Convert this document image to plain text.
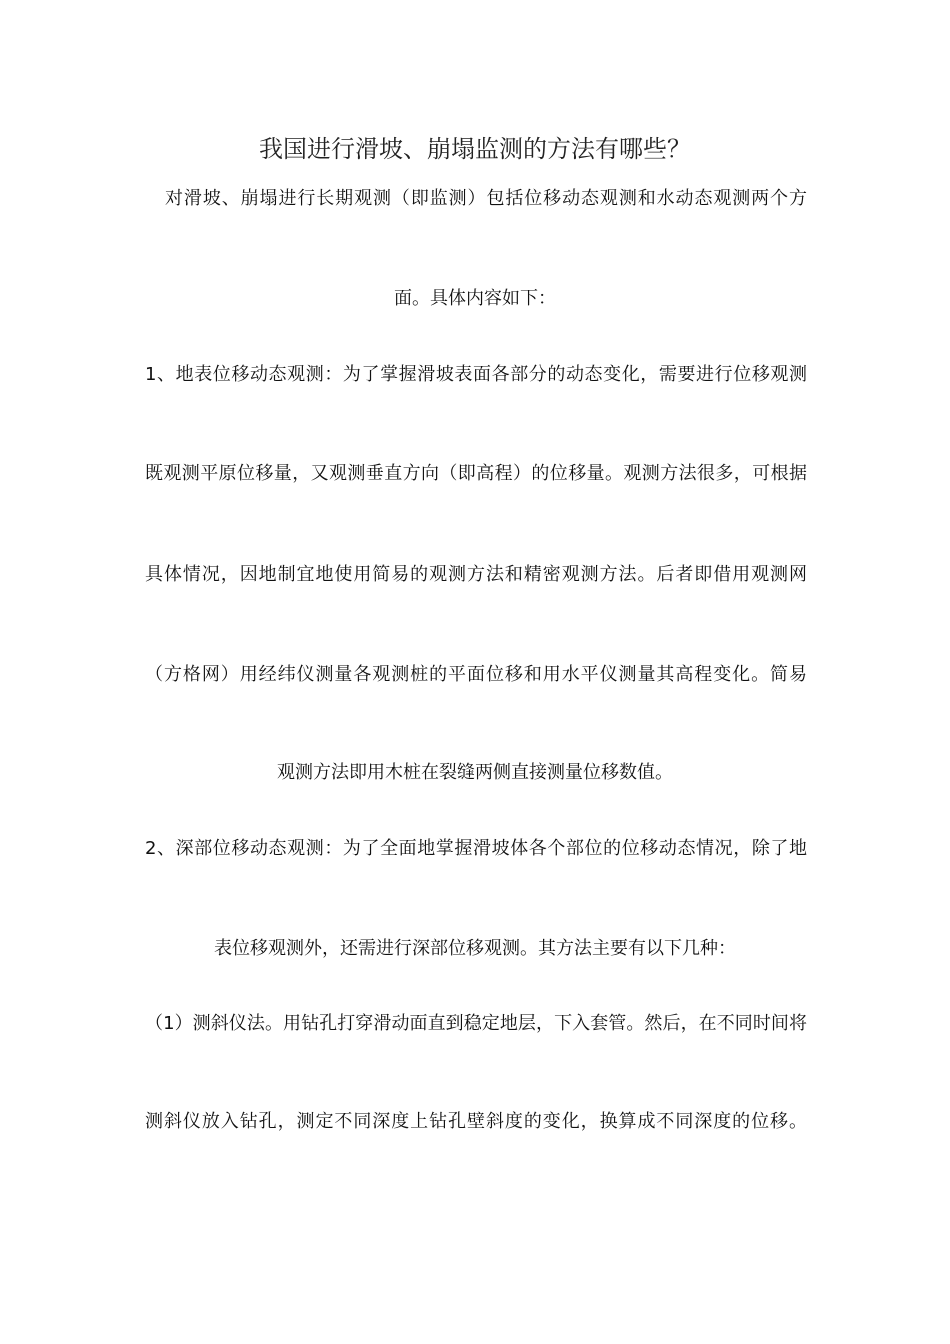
我国进行滑坡、崩塌监测的方法有哪些？
对滑坡、崩塌进行长期观测（即监测）包括位移动态观测和水动态观测两个方
面。具体内容如下：
1、地表位移动态观测：为了掌握滑坡表面各部分的动态变化，需要进行位移观测
既观测平原位移量，又观测垂直方向（即高程）的位移量。观测方法很多，可根据
具体情况，因地制宜地使用简易的观测方法和精密观测方法。后者即借用观测网
（方格网）用经纬仪测量各观测桩的平面位移和用水平仪测量其高程变化。简易
观测方法即用木桩在裂缝两侧直接测量位移数值。
2、深部位移动态观测：为了全面地掌握滑坡体各个部位的位移动态情况，除了地
表位移观测外，还需进行深部位移观测。其方法主要有以下几种：
（1）测斜仪法。用钻孔打穿滑动面直到稳定地层，下入套管。然后，在不同时间将
测斜仪放入钻孔，测定不同深度上钻孔壁斜度的变化，换算成不同深度的位移。
